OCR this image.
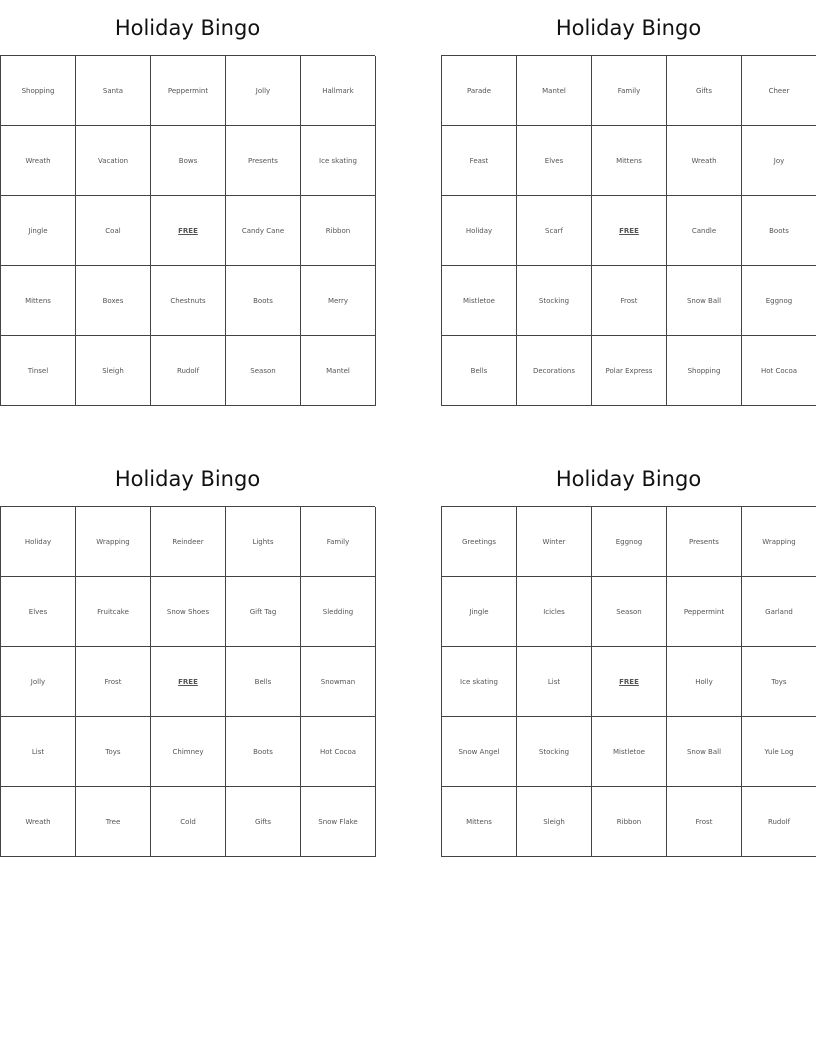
Holiday Bingo
Shopping	Santa	Peppermint	Jolly	Hallmark
Wreath	Vacation	Bows	Presents	Ice skating
Jingle	Coal	FREE	Candy Cane	Ribbon
Mittens	Boxes	Chestnuts	Boots	Merry
Tinsel	Sleigh	Rudolf	Season	Mantel
Holiday Bingo
Parade	Mantel	Family	Gifts	Cheer
Feast	Elves	Mittens	Wreath	Joy
Holiday	Scarf	FREE	Candle	Boots
Mistletoe	Stocking	Frost	Snow Ball	Eggnog
Bells	Decorations	Polar Express	Shopping	Hot Cocoa
Holiday Bingo
Holiday	Wrapping	Reindeer	Lights	Family
Elves	Fruitcake	Snow Shoes	Gift Tag	Sledding
Jolly	Frost	FREE	Bells	Snowman
List	Toys	Chimney	Boots	Hot Cocoa
Wreath	Tree	Cold	Gifts	Snow Flake
Holiday Bingo
Greetings	Winter	Eggnog	Presents	Wrapping
Jingle	Icicles	Season	Peppermint	Garland
Ice skating	List	FREE	Holly	Toys
Snow Angel	Stocking	Mistletoe	Snow Ball	Yule Log
Mittens	Sleigh	Ribbon	Frost	Rudolf
